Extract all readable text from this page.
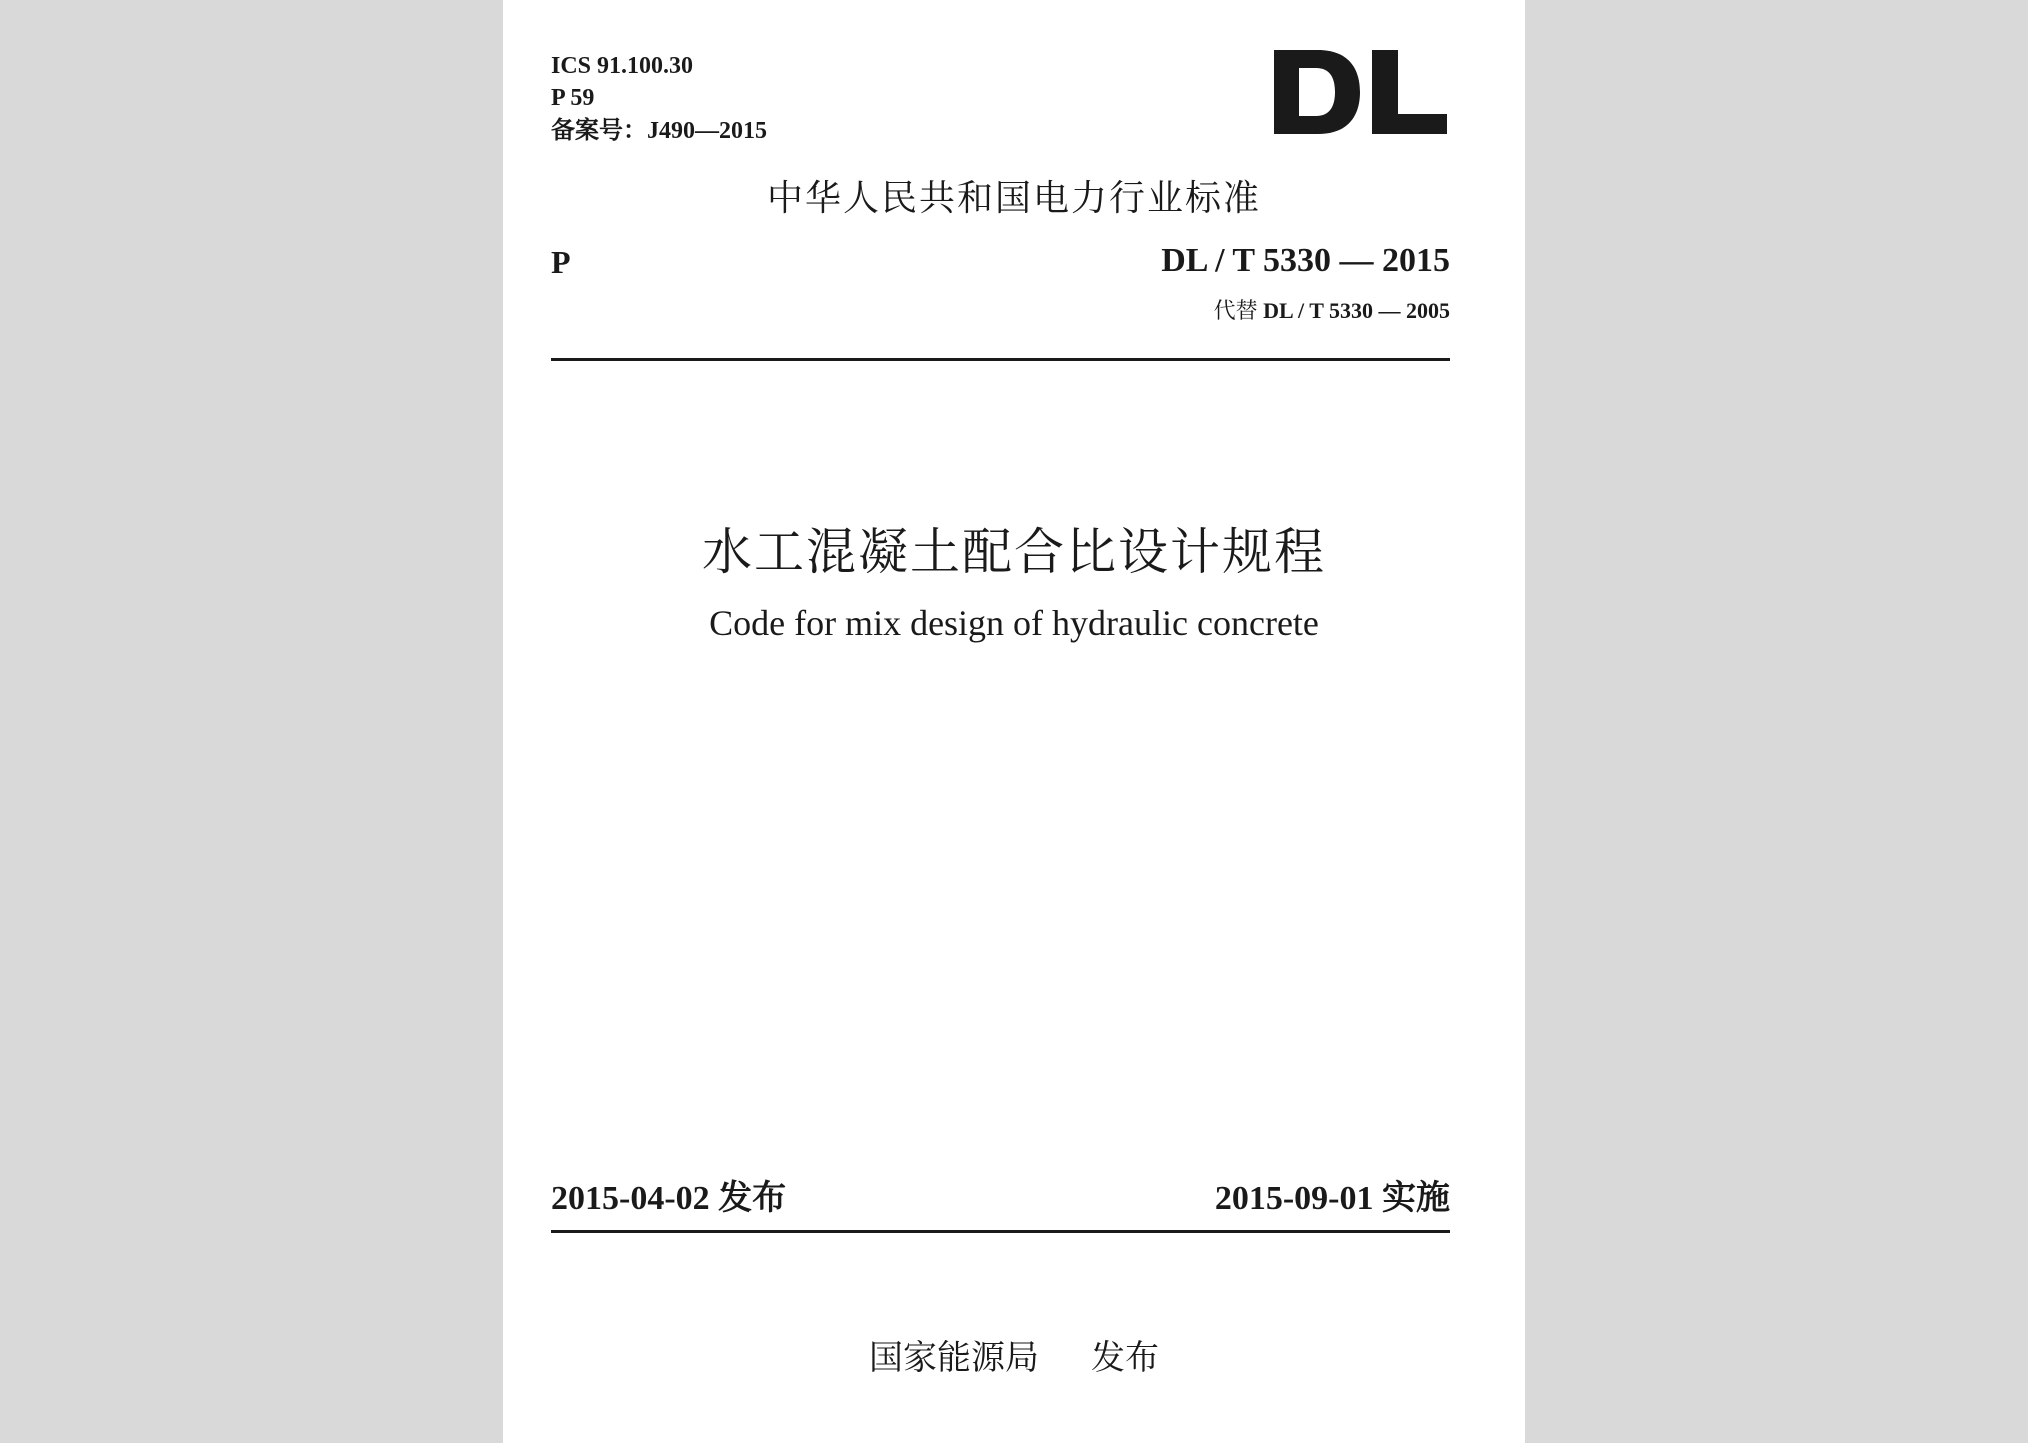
ICS 91.100.30
P 59
备案号：J490—2015
中华人民共和国电力行业标准
P	DL / T 5330 — 2015
代替 DL / T 5330 — 2005
水工混凝土配合比设计规程
Code for mix design of hydraulic concrete
2015-04-02 发布	2015-09-01 实施
国家能源局 发布
